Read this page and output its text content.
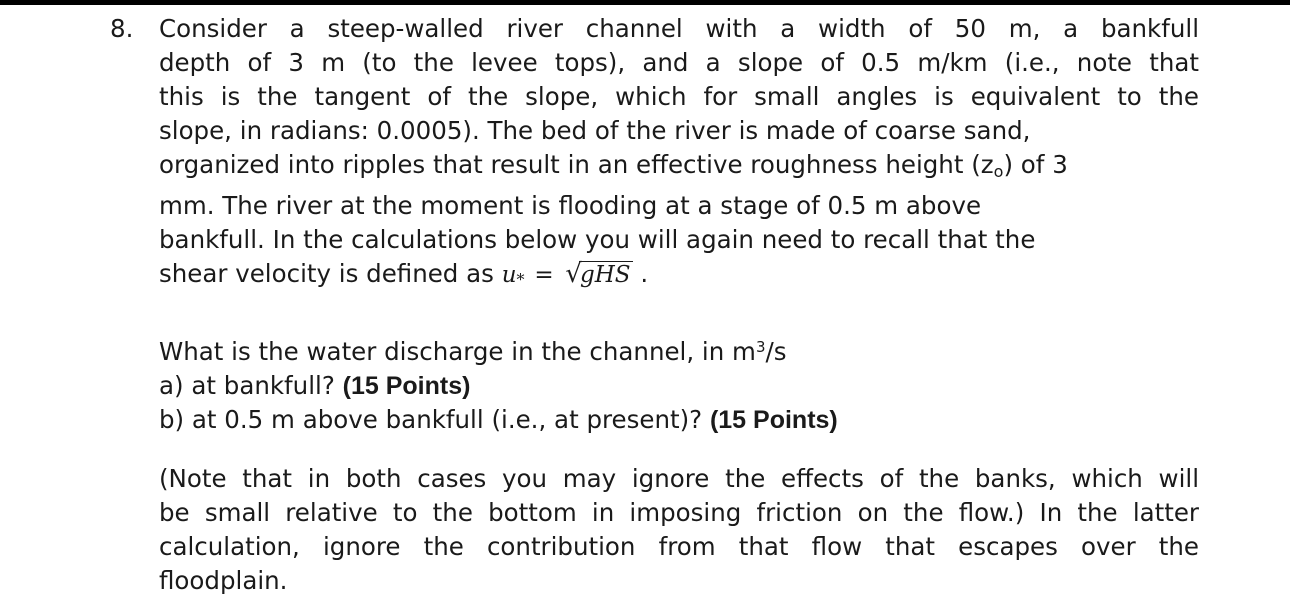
8. Consider a steep-walled river channel with a width of 50 m, a bankfull
depth of 3 m (to the levee tops), and a slope of 0.5 m/km (i.e., note that
this is the tangent of the slope, which for small angles is equivalent to the
slope, in radians: 0.0005). The bed of the river is made of coarse sand,
organized into ripples that result in an effective roughness height $(z_o)$ of 3
mm. The river at the moment is flooding at a stage of 0.5 m above
bankfull. In the calculations below you will again need to recall that the
shear velocity is defined as u* = √gHS .
What is the water discharge in the channel, in $m^3/s$
a) at bankfull? (15 Points)
b) at 0.5 m above bankfull (i.e., at present)? (15 Points)
(Note that in both cases you may ignore the effects of the banks, which will
be small relative to the bottom in imposing friction on the flow.) In the latter
calculation, ignore the contribution from that flow that escapes over the
floodplain.
